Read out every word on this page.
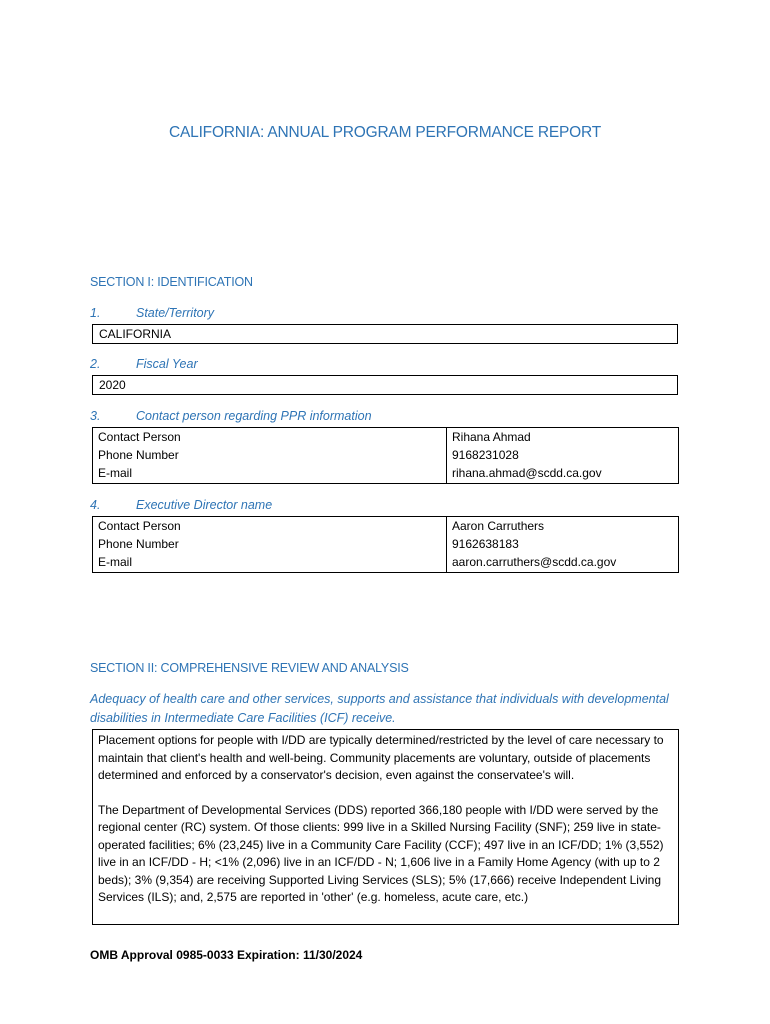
CALIFORNIA: ANNUAL PROGRAM PERFORMANCE REPORT
SECTION I: IDENTIFICATION
1.	State/Territory
CALIFORNIA
2.	Fiscal Year
2020
3.	Contact person regarding PPR information
Contact Person	Rihana Ahmad
Phone Number	9168231028
E-mail	rihana.ahmad@scdd.ca.gov
4.	Executive Director name
Contact Person	Aaron Carruthers
Phone Number	9162638183
E-mail	aaron.carruthers@scdd.ca.gov
SECTION II: COMPREHENSIVE REVIEW AND ANALYSIS
Adequacy of health care and other services, supports and assistance that individuals with developmental disabilities in Intermediate Care Facilities (ICF) receive.

Placement options for people with I/DD are typically determined/restricted by the level of care necessary to maintain that client's health and well-being. Community placements are voluntary, outside of placements determined and enforced by a conservator's decision, even against the conservatee's will.

The Department of Developmental Services (DDS) reported 366,180 people with I/DD were served by the regional center (RC) system. Of those clients: 999 live in a Skilled Nursing Facility (SNF); 259 live in state-operated facilities; 6% (23,245) live in a Community Care Facility (CCF); 497 live in an ICF/DD; 1% (3,552) live in an ICF/DD - H; <1% (2,096) live in an ICF/DD - N; 1,606 live in a Family Home Agency (with up to 2 beds); 3% (9,354) are receiving Supported Living Services (SLS); 5% (17,666) receive Independent Living Services (ILS); and, 2,575 are reported in 'other' (e.g. homeless, acute care, etc.)

OMB Approval 0985-0033 Expiration: 11/30/2024
